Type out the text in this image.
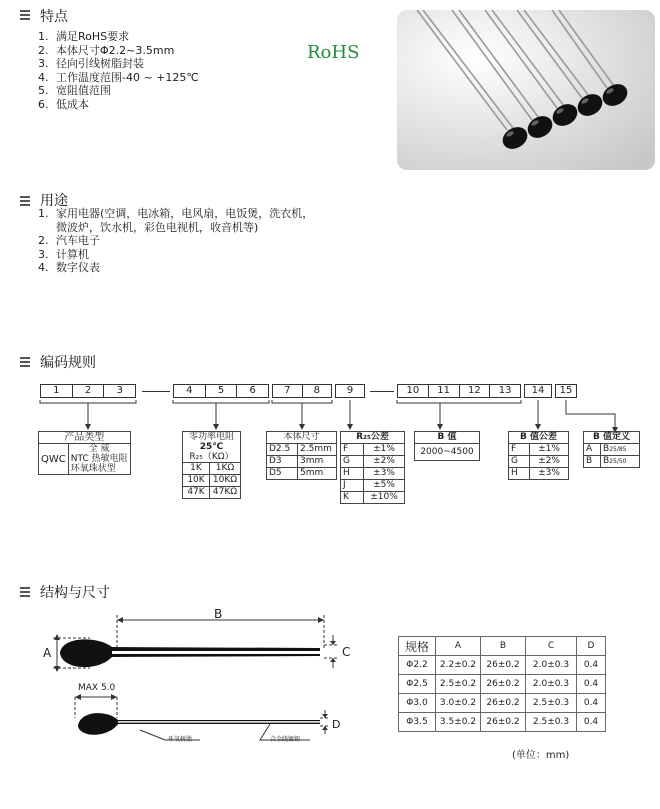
特点
1. 满足RoHS要求
2. 本体尺寸Φ2.2~3.5mm
3. 径向引线树脂封装
4. 工作温度范围-40 ~ +125℃
5. 宽阻值范围
6. 低成本
RoHS
用途
1. 家用电器(空调，电冰箱，电风扇，电饭煲，洗衣机，
微波炉，饮水机，彩色电视机，收音机等)
2. 汽车电子
3. 计算机
4. 数字仪表
编码规则
1	2	3	4	5	6	7	8	9	10	11	12	13	14	15
产品类型
QWC	
全 威
NTC 热敏电阻
环氧珠状型
零功率电阻
25℃
R₂₅（KΩ）	

1K	1KΩ
10K	10KΩ
47K	47KΩ
本体尺寸	
D2.5	2.5mm
D3	3mm
D5	5mm
R₂₅公差	
F	±1%
G	±2%
H	±3%
J	±5%
K	±10%
B 值
2000~4500
B 值公差	
F	±1%
G	±2%
H	±3%
B 值定义	
A	B25/85
B	B25/50
结构与尺寸
A
B
C
MAX 5.0
D
环氧树脂	合金线镀锡
规格	A	B	C	D
Φ2.2	2.2±0.2	26±0.2	2.0±0.3	0.4
Φ2.5	2.5±0.2	26±0.2	2.0±0.3	0.4
Φ3.0	3.0±0.2	26±0.2	2.5±0.3	0.4
Φ3.5	3.5±0.2	26±0.2	2.5±0.3	0.4
(单位：mm)
